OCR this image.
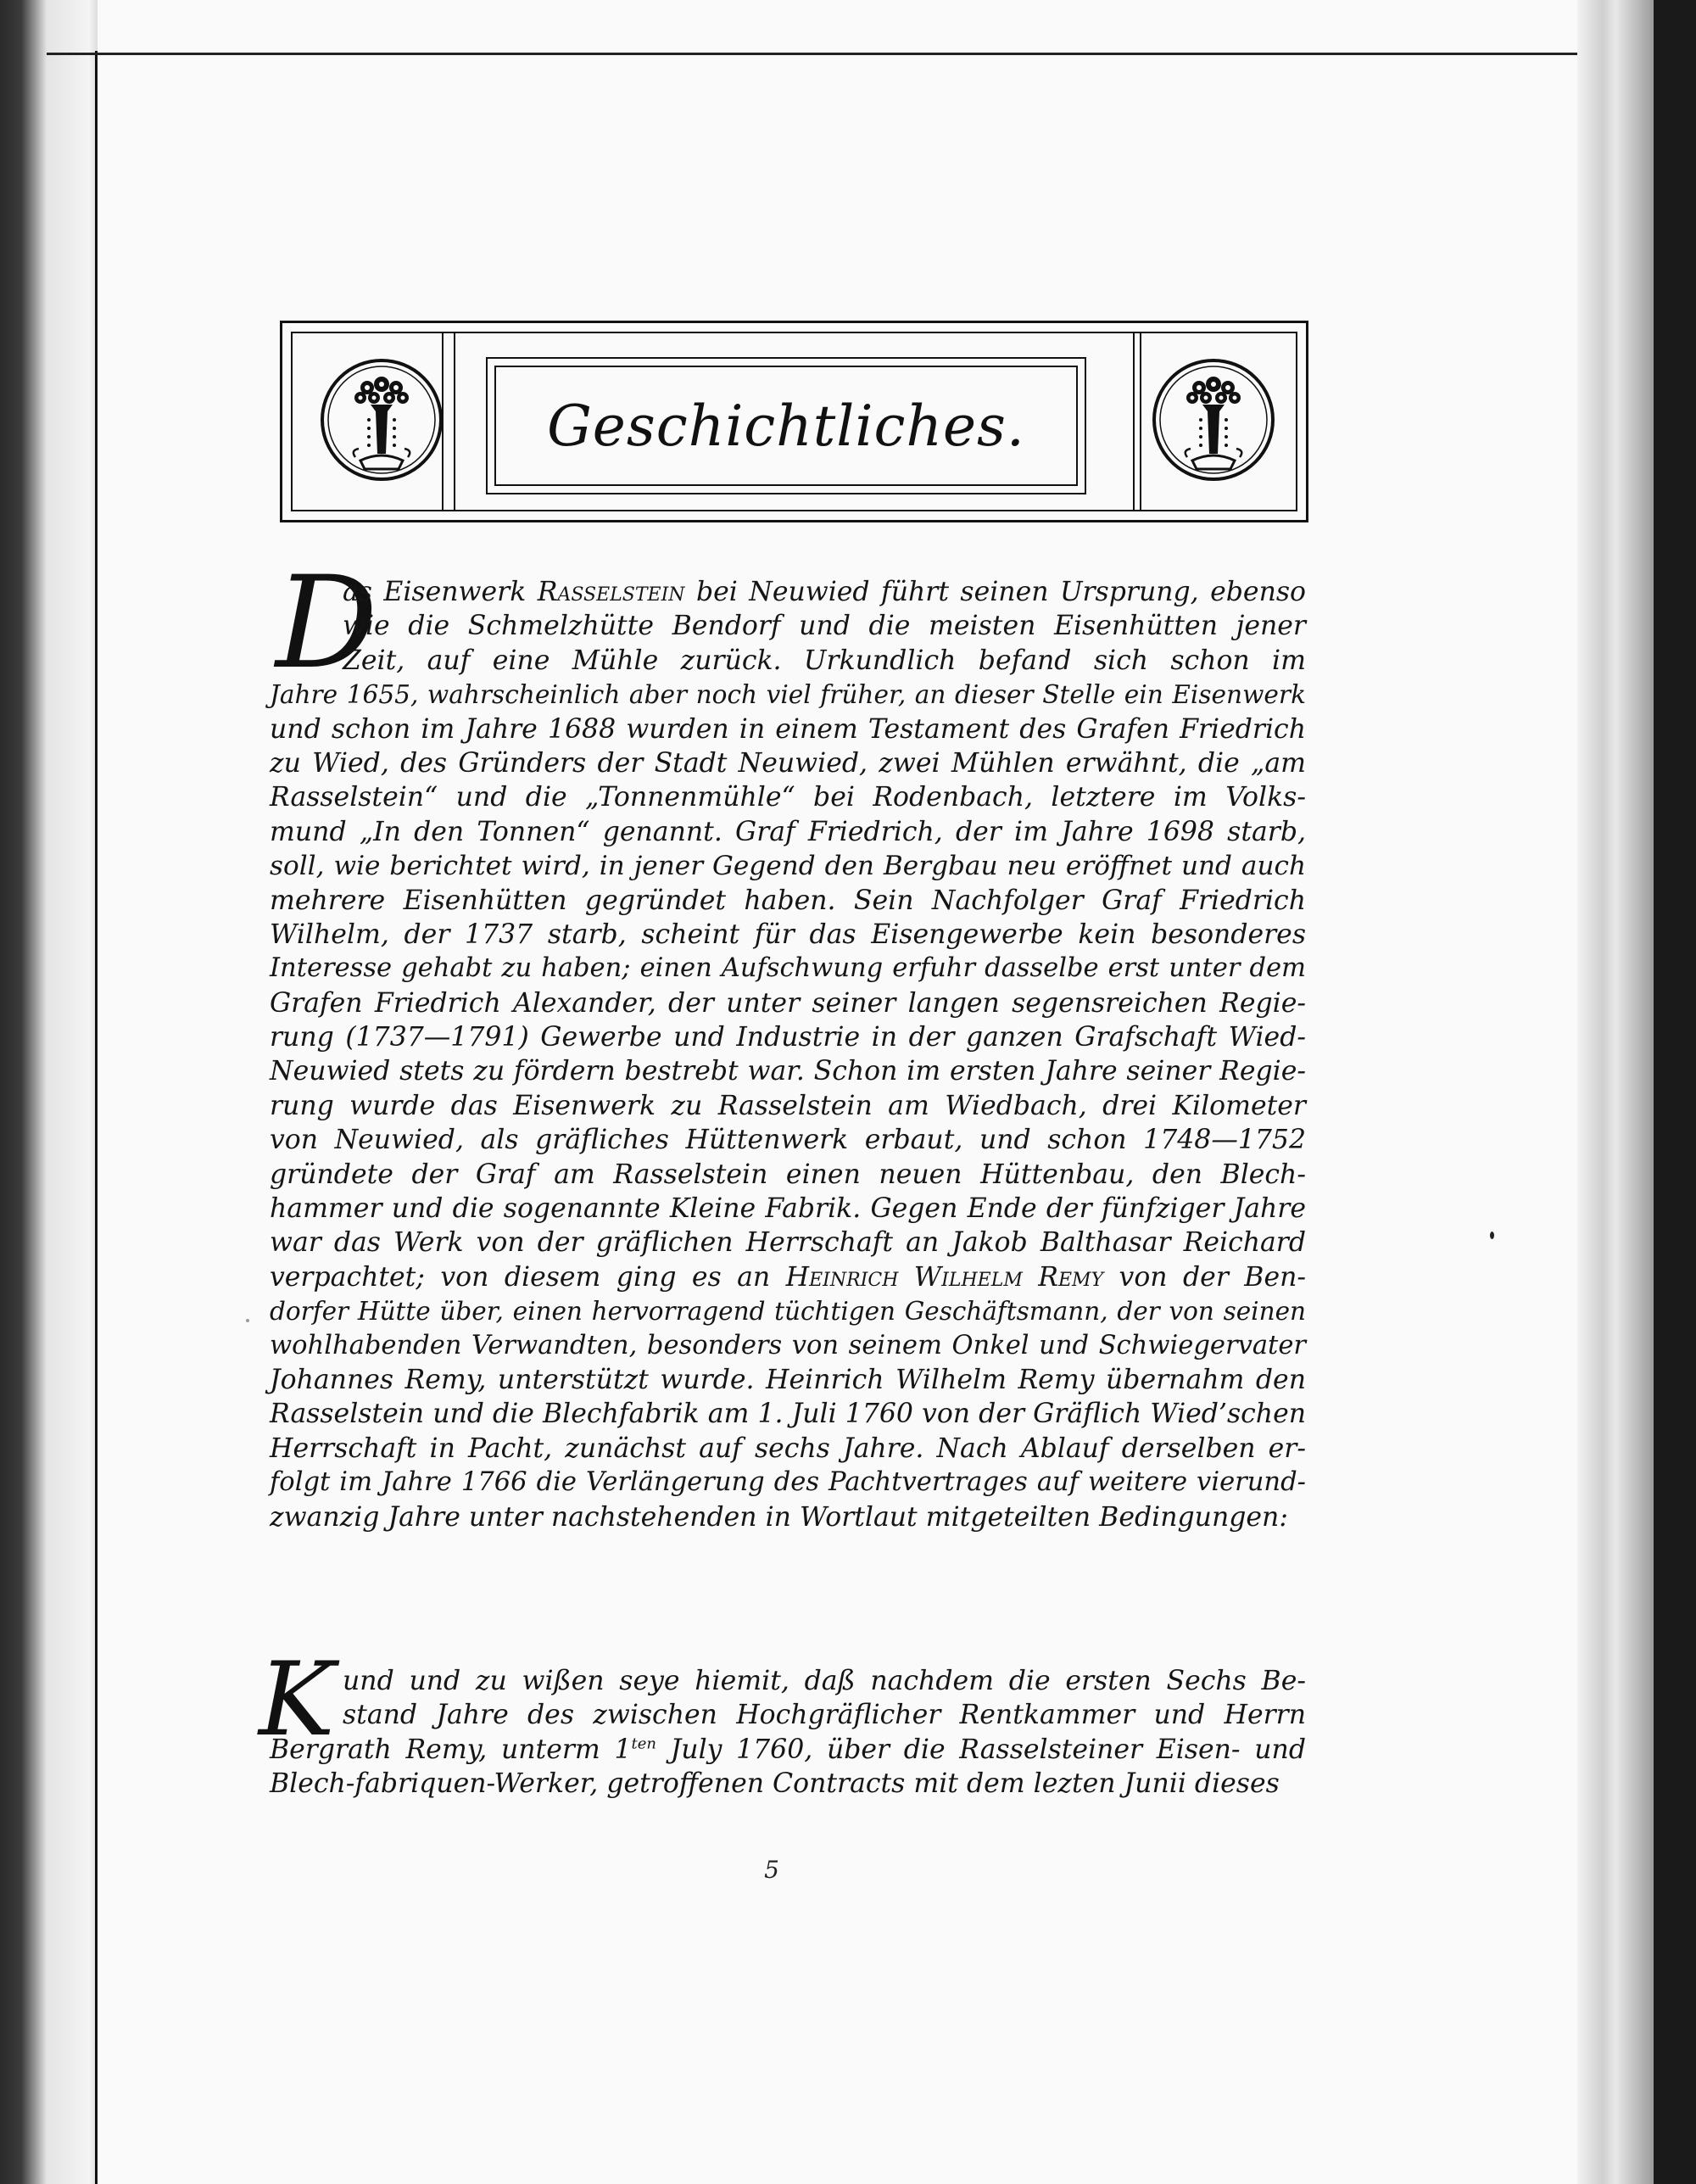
Geschichtliches.
D
as Eisenwerk Rasselstein bei Neuwied führt seinen Ursprung, ebenso
wie die Schmelzhütte Bendorf und die meisten Eisenhütten jener
Zeit, auf eine Mühle zurück. Urkundlich befand sich schon im
Jahre 1655, wahrscheinlich aber noch viel früher, an dieser Stelle ein Eisenwerk
und schon im Jahre 1688 wurden in einem Testament des Grafen Friedrich
zu Wied, des Gründers der Stadt Neuwied, zwei Mühlen erwähnt, die „am
Rasselstein“ und die „Tonnenmühle“ bei Rodenbach, letztere im Volks-
mund „In den Tonnen“ genannt. Graf Friedrich, der im Jahre 1698 starb,
soll, wie berichtet wird, in jener Gegend den Bergbau neu eröffnet und auch
mehrere Eisenhütten gegründet haben. Sein Nachfolger Graf Friedrich
Wilhelm, der 1737 starb, scheint für das Eisengewerbe kein besonderes
Interesse gehabt zu haben; einen Aufschwung erfuhr dasselbe erst unter dem
Grafen Friedrich Alexander, der unter seiner langen segensreichen Regie-
rung (1737—1791) Gewerbe und Industrie in der ganzen Grafschaft Wied-
Neuwied stets zu fördern bestrebt war. Schon im ersten Jahre seiner Regie-
rung wurde das Eisenwerk zu Rasselstein am Wiedbach, drei Kilometer
von Neuwied, als gräfliches Hüttenwerk erbaut, und schon 1748—1752
gründete der Graf am Rasselstein einen neuen Hüttenbau, den Blech-
hammer und die sogenannte Kleine Fabrik. Gegen Ende der fünfziger Jahre
war das Werk von der gräflichen Herrschaft an Jakob Balthasar Reichard
verpachtet; von diesem ging es an Heinrich Wilhelm Remy von der Ben-
dorfer Hütte über, einen hervorragend tüchtigen Geschäftsmann, der von seinen
wohlhabenden Verwandten, besonders von seinem Onkel und Schwiegervater
Johannes Remy, unterstützt wurde. Heinrich Wilhelm Remy übernahm den
Rasselstein und die Blechfabrik am 1. Juli 1760 von der Gräflich Wied’schen
Herrschaft in Pacht, zunächst auf sechs Jahre. Nach Ablauf derselben er-
folgt im Jahre 1766 die Verlängerung des Pachtvertrages auf weitere vierund-
zwanzig Jahre unter nachstehenden in Wortlaut mitgeteilten Bedingungen:
K und und zu wißen seye hiemit, daß nachdem die ersten Sechs Be-
stand Jahre des zwischen Hochgräflicher Rentkammer und Herrn
Bergrath Remy, unterm $1^{ten}$ July 1760, über die Rasselsteiner Eisen- und
Blech-fabriquen-Werker, getroffenen Contracts mit dem lezten Junii dieses
5
